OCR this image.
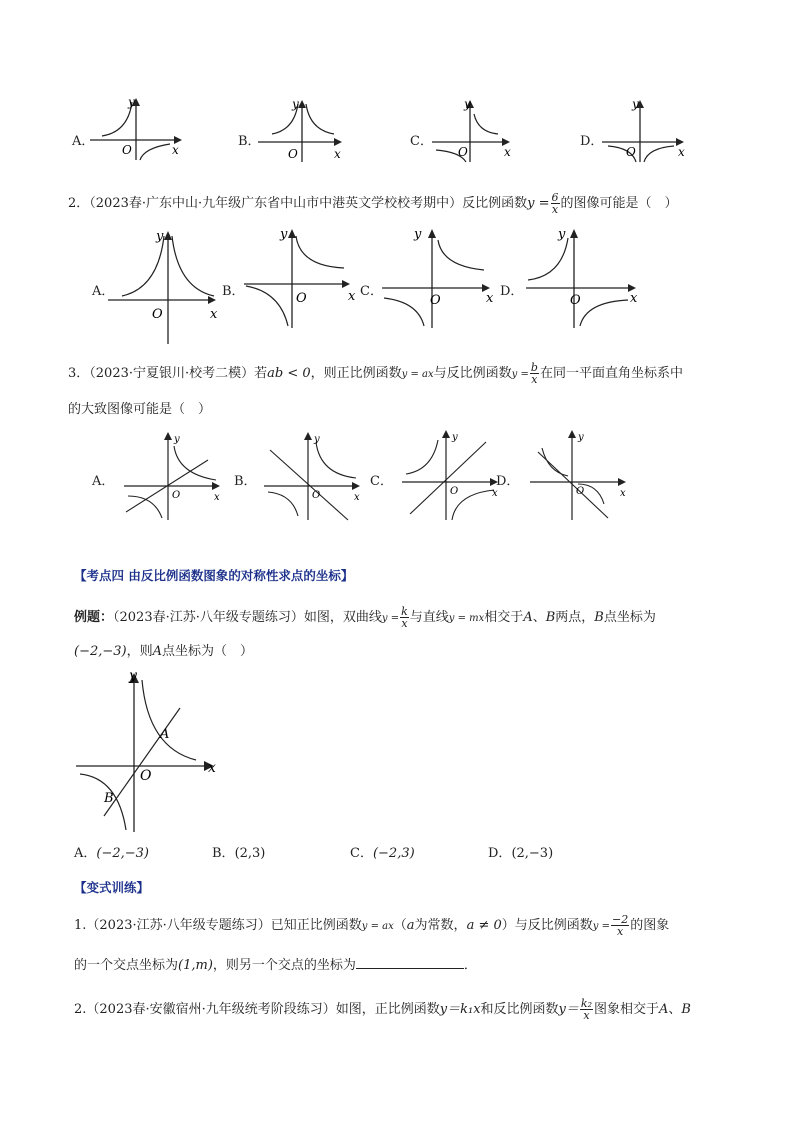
A．
y
O	x
B．
y
O	x
C．
y
O	x
D．
y
O	x
2．（2023春·广东中山·九年级广东省中山市中港英文学校校考期中）反比例函数$y = \frac{6}{x}$ 的图像可能是（　）
A．
y
O	x
B．
y
O	x C．
y
O	x D．
y
O	x
3．（2023·宁夏银川·校考二模）若ab < 0，则正比例函数y = ax与反比例函数$y = \frac{b}{x}$ 在同一平面直角坐标系中
的大致图像可能是（　）
A．
y
O	x
B．
y
O	x
C．
y
O	x
D．
y
O	x
【考点四 由反比例函数图象的对称性求点的坐标】
例题：（2023春·江苏·八年级专题练习）如图，双曲线$y = \frac{k}{x}$ 与直线y = mx相交于A、B两点，B点坐标为
(−2,−3)，则A点坐标为（　）
y
O	x
A
B
A．(−2,−3)	B．(2,3)	C．(−2,3)	D．(2,−3)
【变式训练】
1.（2023·江苏·八年级专题练习）已知正比例函数y = ax（a为常数，a ≠ 0）与反比例函数$y = \frac{-2}{x}$ 的图象
的一个交点坐标为(1,m)，则另一个交点的坐标为	．
2.（2023春·安徽宿州·九年级统考阶段练习）如图，正比例函数y＝k₁x和反比例函数$y= \frac{\text{k₂}}{x}$ 图象相交于A、B
